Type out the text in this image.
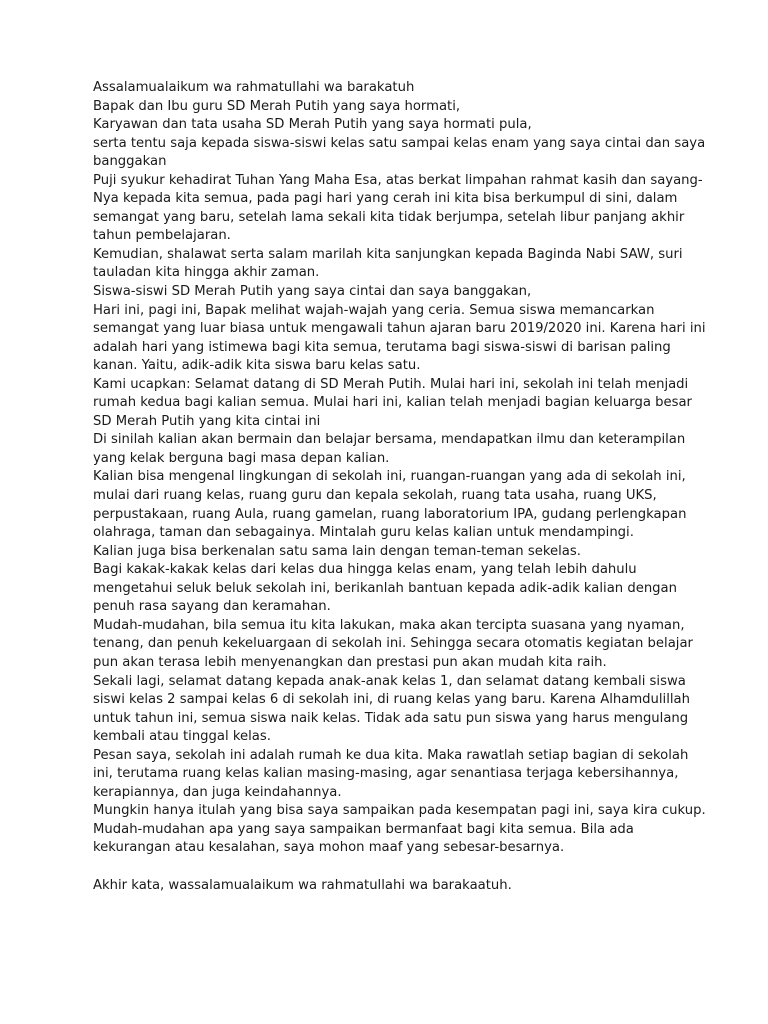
Assalamualaikum wa rahmatullahi wa barakatuh
Bapak dan Ibu guru SD Merah Putih yang saya hormati,
Karyawan dan tata usaha SD Merah Putih yang saya hormati pula,
serta tentu saja kepada siswa-siswi kelas satu sampai kelas enam yang saya cintai dan saya
banggakan
Puji syukur kehadirat Tuhan Yang Maha Esa, atas berkat limpahan rahmat kasih dan sayang-
Nya kepada kita semua, pada pagi hari yang cerah ini kita bisa berkumpul di sini, dalam
semangat yang baru, setelah lama sekali kita tidak berjumpa, setelah libur panjang akhir
tahun pembelajaran.
Kemudian, shalawat serta salam marilah kita sanjungkan kepada Baginda Nabi SAW, suri
tauladan kita hingga akhir zaman.
Siswa-siswi SD Merah Putih yang saya cintai dan saya banggakan,
Hari ini, pagi ini, Bapak melihat wajah-wajah yang ceria. Semua siswa memancarkan
semangat yang luar biasa untuk mengawali tahun ajaran baru 2019/2020 ini. Karena hari ini
adalah hari yang istimewa bagi kita semua, terutama bagi siswa-siswi di barisan paling
kanan. Yaitu, adik-adik kita siswa baru kelas satu.
Kami ucapkan: Selamat datang di SD Merah Putih. Mulai hari ini, sekolah ini telah menjadi
rumah kedua bagi kalian semua. Mulai hari ini, kalian telah menjadi bagian keluarga besar
SD Merah Putih yang kita cintai ini
Di sinilah kalian akan bermain dan belajar bersama, mendapatkan ilmu dan keterampilan
yang kelak berguna bagi masa depan kalian.
Kalian bisa mengenal lingkungan di sekolah ini, ruangan-ruangan yang ada di sekolah ini,
mulai dari ruang kelas, ruang guru dan kepala sekolah, ruang tata usaha, ruang UKS,
perpustakaan, ruang Aula, ruang gamelan, ruang laboratorium IPA, gudang perlengkapan
olahraga, taman dan sebagainya. Mintalah guru kelas kalian untuk mendampingi.
Kalian juga bisa berkenalan satu sama lain dengan teman-teman sekelas.
Bagi kakak-kakak kelas dari kelas dua hingga kelas enam, yang telah lebih dahulu
mengetahui seluk beluk sekolah ini, berikanlah bantuan kepada adik-adik kalian dengan
penuh rasa sayang dan keramahan.
Mudah-mudahan, bila semua itu kita lakukan, maka akan tercipta suasana yang nyaman,
tenang, dan penuh kekeluargaan di sekolah ini. Sehingga secara otomatis kegiatan belajar
pun akan terasa lebih menyenangkan dan prestasi pun akan mudah kita raih.
Sekali lagi, selamat datang kepada anak-anak kelas 1, dan selamat datang kembali siswa
siswi kelas 2 sampai kelas 6 di sekolah ini, di ruang kelas yang baru. Karena Alhamdulillah
untuk tahun ini, semua siswa naik kelas. Tidak ada satu pun siswa yang harus mengulang
kembali atau tinggal kelas.
Pesan saya, sekolah ini adalah rumah ke dua kita. Maka rawatlah setiap bagian di sekolah
ini, terutama ruang kelas kalian masing-masing, agar senantiasa terjaga kebersihannya,
kerapiannya, dan juga keindahannya.
Mungkin hanya itulah yang bisa saya sampaikan pada kesempatan pagi ini, saya kira cukup.
Mudah-mudahan apa yang saya sampaikan bermanfaat bagi kita semua. Bila ada
kekurangan atau kesalahan, saya mohon maaf yang sebesar-besarnya.
Akhir kata, wassalamualaikum wa rahmatullahi wa barakaatuh.
